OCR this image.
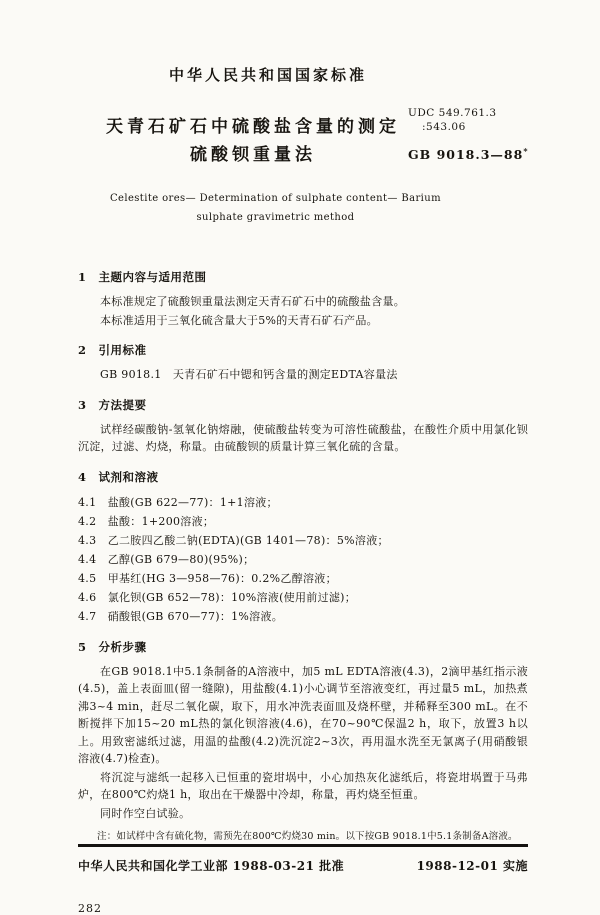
中华人民共和国国家标准
天青石矿石中硫酸盐含量的测定
硫酸钡重量法
UDC 549.761.3
:543.06
GB 9018.3—88*
Celestite ores— Determination of sulphate content— Barium
sulphate gravimetric method
1　主题内容与适用范围

本标准规定了硫酸钡重量法测定天青石矿石中的硫酸盐含量。

本标准适用于三氧化硫含量大于5%的天青石矿石产品。

2　引用标准

GB 9018.1　天青石矿石中锶和钙含量的测定EDTA容量法

3　方法提要

试样经碳酸钠-氢氧化钠熔融，使硫酸盐转变为可溶性硫酸盐，在酸性介质中用氯化钡沉淀，过滤、灼烧，称量。由硫酸钡的质量计算三氧化硫的含量。

4　试剂和溶液
4.1　盐酸(GB 622—77)：1+1溶液；
4.2　盐酸：1+200溶液；
4.3　乙二胺四乙酸二钠(EDTA)(GB 1401—78)：5%溶液；
4.4　乙醇(GB 679—80)(95%)；
4.5　甲基红(HG 3—958—76)：0.2%乙醇溶液；
4.6　氯化钡(GB 652—78)：10%溶液(使用前过滤)；
4.7　硝酸银(GB 670—77)：1%溶液。
5　分析步骤

在GB 9018.1中5.1条制备的A溶液中，加5 mL EDTA溶液(4.3)，2滴甲基红指示液(4.5)，盖上表面皿(留一缝隙)，用盐酸(4.1)小心调节至溶液变红，再过量5 mL，加热煮沸3~4 min，赶尽二氧化碳，取下，用水冲洗表面皿及烧杯壁，并稀释至300 mL。在不断搅拌下加15~20 mL热的氯化钡溶液(4.6)，在70~90℃保温2 h，取下，放置3 h以上。用致密滤纸过滤，用温的盐酸(4.2)洗沉淀2~3次，再用温水洗至无氯离子(用硝酸银溶液(4.7)检查)。

将沉淀与滤纸一起移入已恒重的瓷坩埚中，小心加热灰化滤纸后，将瓷坩埚置于马弗炉，在800℃灼烧1 h，取出在干燥器中冷却，称量，再灼烧至恒重。

同时作空白试验。

注：如试样中含有硫化物，需预先在800℃灼烧30 min。以下按GB 9018.1中5.1条制备A溶液。

中华人民共和国化学工业部 1988-03-21 批准	1988-12-01 实施
282
